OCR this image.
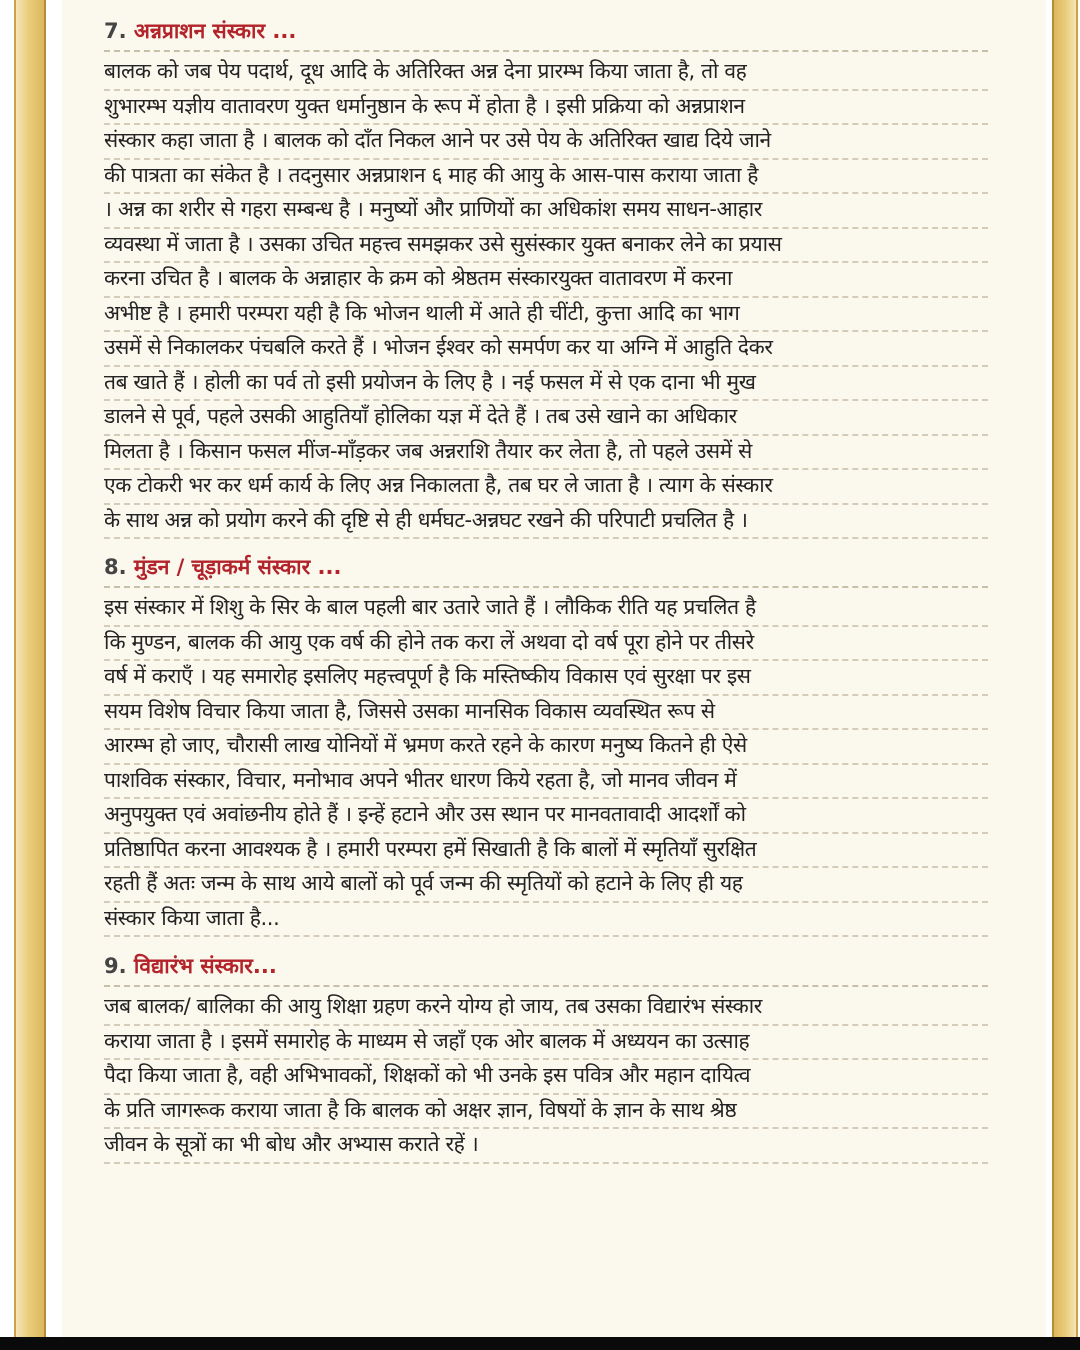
7. अन्नप्राशन संस्कार ...
बालक को जब पेय पदार्थ, दूध आदि के अतिरिक्त अन्न देना प्रारम्भ किया जाता है, तो वह
शुभारम्भ यज्ञीय वातावरण युक्त धर्मानुष्ठान के रूप में होता है । इसी प्रक्रिया को अन्नप्राशन
संस्कार कहा जाता है । बालक को दाँत निकल आने पर उसे पेय के अतिरिक्त खाद्य दिये जाने
की पात्रता का संकेत है । तदनुसार अन्नप्राशन ६ माह की आयु के आस-पास कराया जाता है
। अन्न का शरीर से गहरा सम्बन्ध है । मनुष्यों और प्राणियों का अधिकांश समय साधन-आहार
व्यवस्था में जाता है । उसका उचित महत्त्व समझकर उसे सुसंस्कार युक्त बनाकर लेने का प्रयास
करना उचित है । बालक के अन्नाहार के क्रम को श्रेष्ठतम संस्कारयुक्त वातावरण में करना
अभीष्ट है । हमारी परम्परा यही है कि भोजन थाली में आते ही चींटी, कुत्ता आदि का भाग
उसमें से निकालकर पंचबलि करते हैं । भोजन ईश्वर को समर्पण कर या अग्नि में आहुति देकर
तब खाते हैं । होली का पर्व तो इसी प्रयोजन के लिए है । नई फसल में से एक दाना भी मुख
डालने से पूर्व, पहले उसकी आहुतियाँ होलिका यज्ञ में देते हैं । तब उसे खाने का अधिकार
मिलता है । किसान फसल मींज-माँड़कर जब अन्नराशि तैयार कर लेता है, तो पहले उसमें से
एक टोकरी भर कर धर्म कार्य के लिए अन्न निकालता है, तब घर ले जाता है । त्याग के संस्कार
के साथ अन्न को प्रयोग करने की दृष्टि से ही धर्मघट-अन्नघट रखने की परिपाटी प्रचलित है ।
8. मुंडन / चूड़ाकर्म संस्कार ...
इस संस्कार में शिशु के सिर के बाल पहली बार उतारे जाते हैं । लौकिक रीति यह प्रचलित है
कि मुण्डन, बालक की आयु एक वर्ष की होने तक करा लें अथवा दो वर्ष पूरा होने पर तीसरे
वर्ष में कराएँ । यह समारोह इसलिए महत्त्वपूर्ण है कि मस्तिष्कीय विकास एवं सुरक्षा पर इस
सयम विशेष विचार किया जाता है, जिससे उसका मानसिक विकास व्यवस्थित रूप से
आरम्भ हो जाए, चौरासी लाख योनियों में भ्रमण करते रहने के कारण मनुष्य कितने ही ऐसे
पाशविक संस्कार, विचार, मनोभाव अपने भीतर धारण किये रहता है, जो मानव जीवन में
अनुपयुक्त एवं अवांछनीय होते हैं । इन्हें हटाने और उस स्थान पर मानवतावादी आदर्शों को
प्रतिष्ठापित करना आवश्यक है । हमारी परम्परा हमें सिखाती है कि बालों में स्मृतियाँ सुरक्षित
रहती हैं अतः जन्म के साथ आये बालों को पूर्व जन्म की स्मृतियों को हटाने के लिए ही यह
संस्कार किया जाता है...
9. विद्यारंभ संस्कार...
जब बालक/ बालिका की आयु शिक्षा ग्रहण करने योग्य हो जाय, तब उसका विद्यारंभ संस्कार
कराया जाता है । इसमें समारोह के माध्यम से जहाँ एक ओर बालक में अध्ययन का उत्साह
पैदा किया जाता है, वही अभिभावकों, शिक्षकों को भी उनके इस पवित्र और महान दायित्व
के प्रति जागरूक कराया जाता है कि बालक को अक्षर ज्ञान, विषयों के ज्ञान के साथ श्रेष्ठ
जीवन के सूत्रों का भी बोध और अभ्यास कराते रहें ।
